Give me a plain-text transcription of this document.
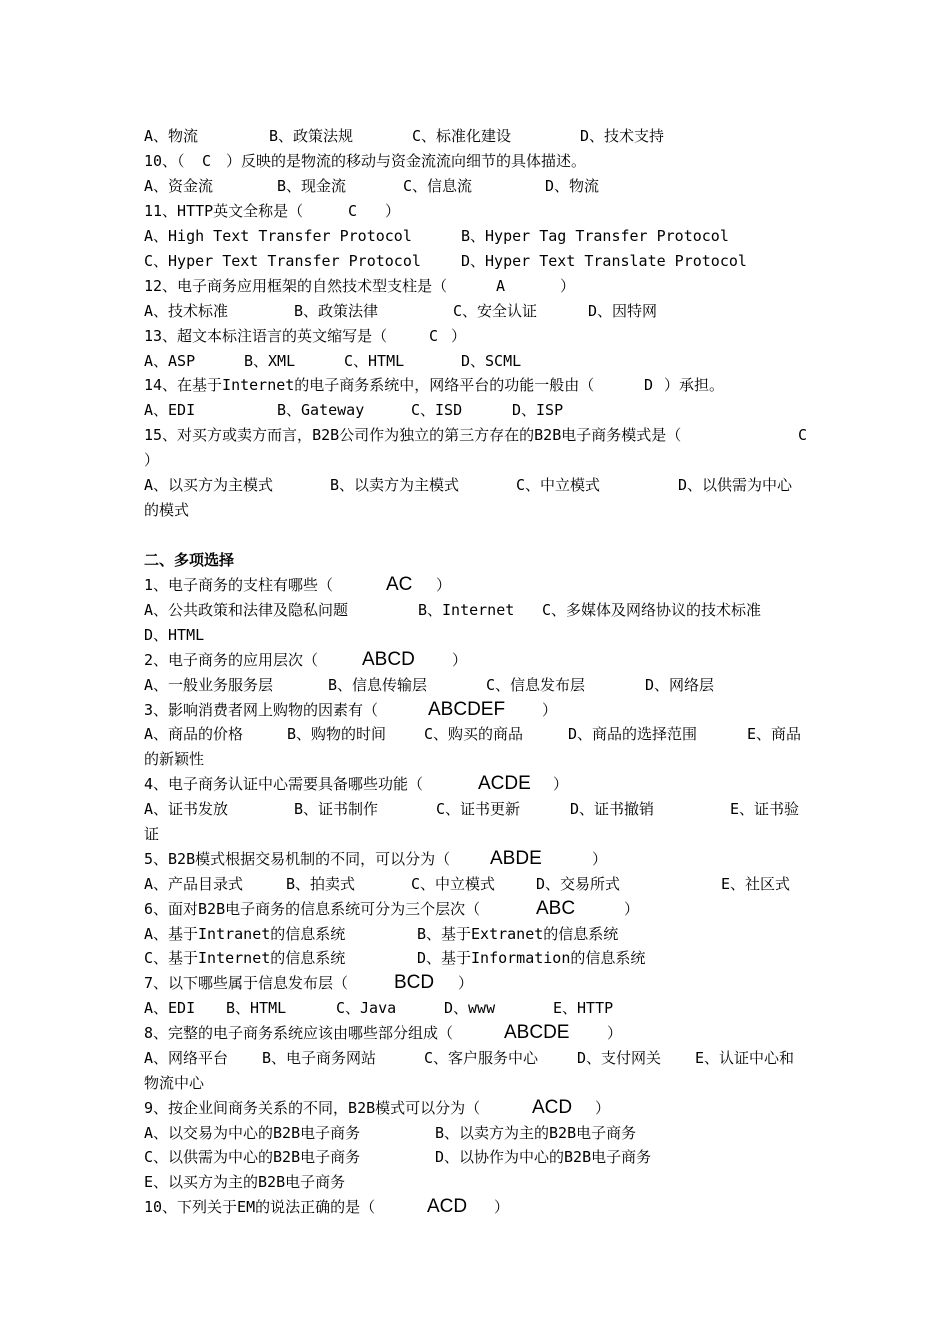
A、物流	B、政策法规	C、标准化建设	D、技术支持
10、（ C ）反映的是物流的移动与资金流流向细节的具体描述。
A、资金流	B、现金流	C、信息流	D、物流
11、HTTP英文全称是（	C ）
A、High Text Transfer Protocol	B、Hyper Tag Transfer Protocol
C、Hyper Text Transfer Protocol	D、Hyper Text Translate Protocol
12、电子商务应用框架的自然技术型支柱是（	A	）
A、技术标准	B、政策法律	C、安全认证	D、因特网
13、超文本标注语言的英文缩写是（	C ）
A、ASP	B、XML	C、HTML	D、SCML
14、在基于Internet的电子商务系统中，网络平台的功能一般由（	D ）承担。
A、EDI	B、Gateway	C、ISD	D、ISP
15、对买方或卖方而言，B2B公司作为独立的第三方存在的B2B电子商务模式是（	C
）
A、以买方为主模式	B、以卖方为主模式	C、中立模式	D、以供需为中心
的模式
二、多项选择
1、电子商务的支柱有哪些（	AC ）
A、公共政策和法律及隐私问题	B、Internet C、多媒体及网络协议的技术标准
D、HTML
2、电子商务的应用层次（ ABCD ）
A、一般业务服务层	B、信息传输层	C、信息发布层	D、网络层
3、影响消费者网上购物的因素有（	ABCDEF ）
A、商品的价格	B、购物的时间	C、购买的商品	D、商品的选择范围	E、商品
的新颖性
4、电子商务认证中心需要具备哪些功能（	ACDE ）
A、证书发放	B、证书制作	C、证书更新	D、证书撤销	E、证书验
证
5、B2B模式根据交易机制的不同，可以分为（ ABDE	）
A、产品目录式	B、拍卖式	C、中立模式	D、交易所式	E、社区式
6、面对B2B电子商务的信息系统可分为三个层次（	ABC	）
A、基于Intranet的信息系统	B、基于Extranet的信息系统
C、基于Internet的信息系统	D、基于Information的信息系统
7、以下哪些属于信息发布层（ BCD ）
A、EDI B、HTML	C、Java	D、www	E、HTTP
8、完整的电子商务系统应该由哪些部分组成（	ABCDE	）
A、网络平台 B、电子商务网站	C、客户服务中心	D、支付网关 E、认证中心和
物流中心
9、按企业间商务关系的不同，B2B模式可以分为（	ACD ）
A、以交易为中心的B2B电子商务	B、以卖方为主的B2B电子商务
C、以供需为中心的B2B电子商务	D、以协作为中心的B2B电子商务
E、以买方为主的B2B电子商务
10、下列关于EM的说法正确的是（	ACD ）
